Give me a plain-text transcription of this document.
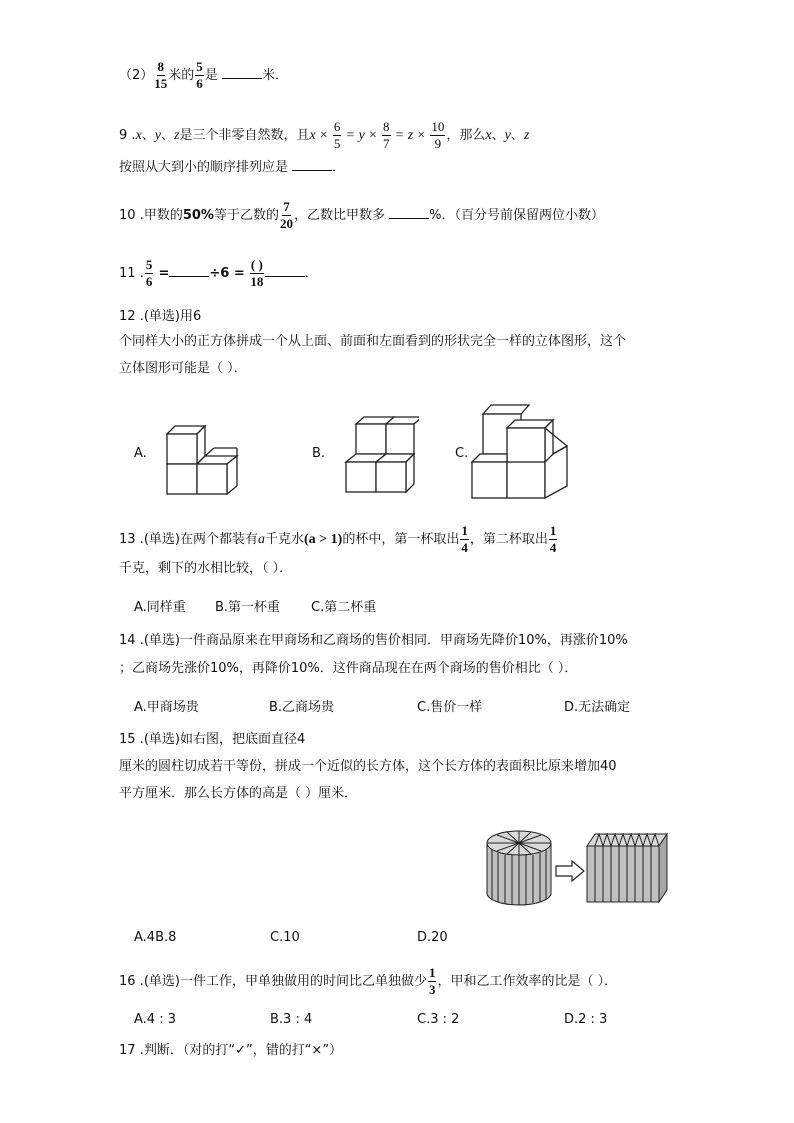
$(2) \frac{8}{15}$ 米的 $\frac{5}{6}$ 是	米．
9 .x、y、z是三个非零自然数，且$x \times \frac{6}{5} = y \times \frac{8}{7} = z \times \frac{10}{9}$ ，那么x、y、z
按照从大到小的顺序排列应是	．
10 .甲数的50%等于乙数的 $\frac{7}{20}$ ，乙数比甲数多	%．（百分号前保留两位小数）
11 . $\frac{5}{6}$ =	$\div 6 = \frac{( )}{18}$	．
12 .(单选)用6
个同样大小的正方体拼成一个从上面、前面和左面看到的形状完全一样的立体图形，这个
立体图形可能是（ ）．
A.	B.	C.
13 .(单选)在两个都装有a千克水(a > 1)的杯中，第一杯取出 $\frac{1}{4}$ ，第二杯取出 $\frac{1}{4}$
千克，剩下的水相比较，（ ）．
A.同样重 B.第一杯重 C.第二杯重
14 .(单选)一件商品原来在甲商场和乙商场的售价相同．甲商场先降价10%，再涨价10%
；乙商场先涨价10%，再降价10%．这件商品现在在两个商场的售价相比（ ）．
A.甲商场贵	B.乙商场贵	C.售价一样	D.无法确定
15 .(单选)如右图，把底面直径4
厘米的圆柱切成若干等份，拼成一个近似的长方体，这个长方体的表面积比原来增加40
平方厘米．那么长方体的高是（ ）厘米．
A.4B.8	C.10	D.20
16 .(单选)一件工作，甲单独做用的时间比乙单独做少 $\frac{1}{3}$ ，甲和乙工作效率的比是（ ）．
A.4 : 3	B.3 : 4	C.3 : 2	D.2 : 3
17 .判断．（对的打“✓”，错的打“×”）
